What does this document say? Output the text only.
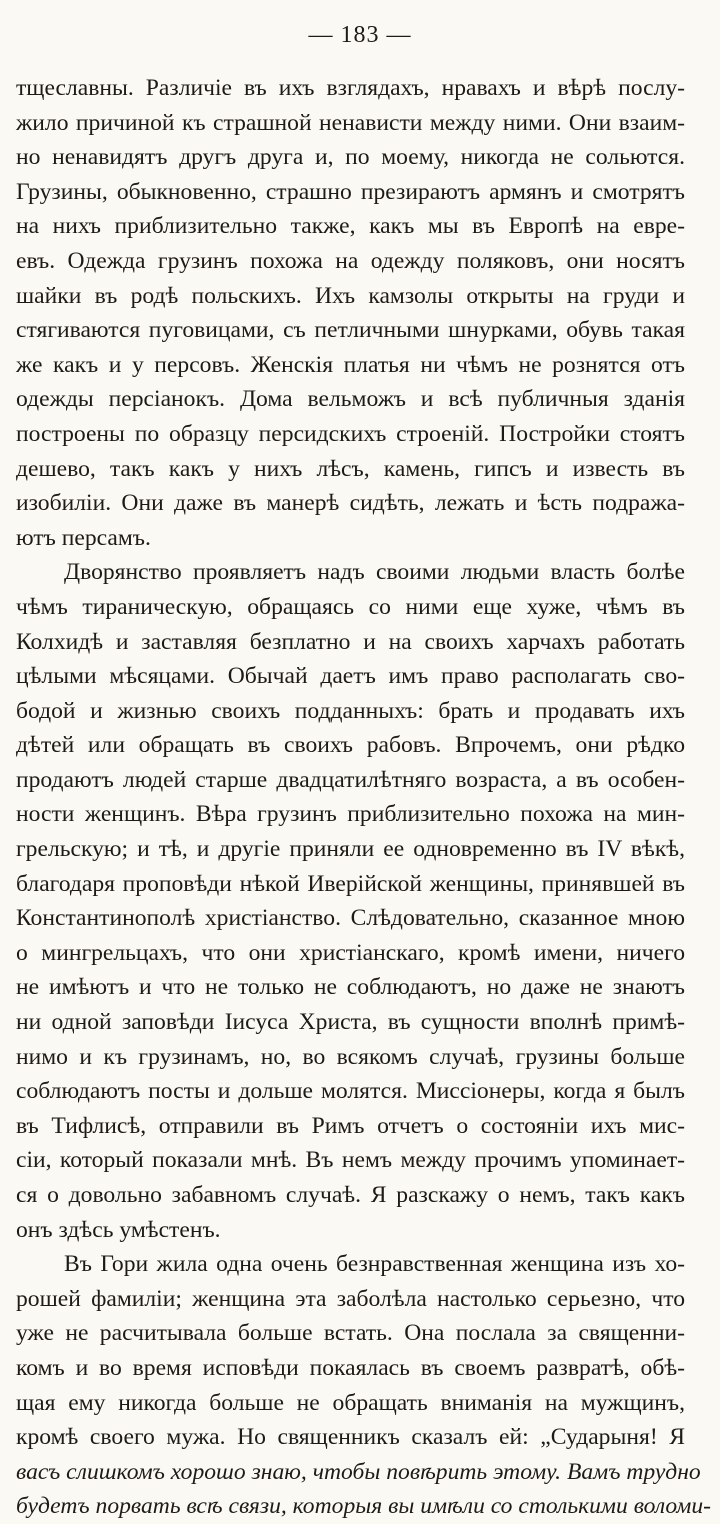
— 183 —
тщеславны. Различіе въ ихъ взглядахъ, нравахъ и вѣрѣ послу-
жило причиной къ страшной ненависти между ними. Они взаим-
но ненавидятъ другъ друга и, по моему, никогда не сольются.
Грузины, обыкновенно, страшно презираютъ армянъ и смотрятъ
на нихъ приблизительно также, какъ мы въ Европѣ на евре-
евъ. Одежда грузинъ похожа на одежду поляковъ, они носятъ
шайки въ родѣ польскихъ. Ихъ камзолы открыты на груди и
стягиваются пуговицами, съ петличными шнурками, обувь такая
же какъ и у персовъ. Женскія платья ни чѣмъ не рознятся отъ
одежды персіанокъ. Дома вельможъ и всѣ публичныя зданія
построены по образцу персидскихъ строеній. Постройки стоятъ
дешево, такъ какъ у нихъ лѣсъ, камень, гипсъ и известь въ
изобиліи. Они даже въ манерѣ сидѣть, лежать и ѣсть подража-
ютъ персамъ.
Дворянство проявляетъ надъ своими людьми власть болѣе
чѣмъ тираническую, обращаясь со ними еще хуже, чѣмъ въ
Колхидѣ и заставляя безплатно и на своихъ харчахъ работать
цѣлыми мѣсяцами. Обычай даетъ имъ право располагать сво-
бодой и жизнью своихъ подданныхъ: брать и продавать ихъ
дѣтей или обращать въ своихъ рабовъ. Впрочемъ, они рѣдко
продаютъ людей старше двадцатилѣтняго возраста, а въ особен-
ности женщинъ. Вѣра грузинъ приблизительно похожа на мин-
грельскую; и тѣ, и другіе приняли ее одновременно въ IV вѣкѣ,
благодаря проповѣди нѣкой Иверійской женщины, принявшей въ
Константинополѣ христіанство. Слѣдовательно, сказанное мною
о мингрельцахъ, что они христіанскаго, кромѣ имени, ничего
не имѣютъ и что не только не соблюдаютъ, но даже не знаютъ
ни одной заповѣди Іисуса Христа, въ сущности вполнѣ примѣ-
нимо и къ грузинамъ, но, во всякомъ случаѣ, грузины больше
соблюдаютъ посты и дольше молятся. Миссіонеры, когда я былъ
въ Тифлисѣ, отправили въ Римъ отчетъ о состояніи ихъ мис-
сіи, который показали мнѣ. Въ немъ между прочимъ упоминает-
ся о довольно забавномъ случаѣ. Я разскажу о немъ, такъ какъ
онъ здѣсь умѣстенъ.
Въ Гори жила одна очень безнравственная женщина изъ хо-
рошей фамиліи; женщина эта заболѣла настолько серьезно, что
уже не расчитывала больше встать. Она послала за священни-
комъ и во время исповѣди покаялась въ своемъ развратѣ, обѣ-
щая ему никогда больше не обращать вниманія на мужщинъ,
кромѣ своего мужа. Но священникъ сказалъ ей: „Сударыня! Я
васъ слишкомъ хорошо знаю, чтобы повѣрить этому. Вамъ трудно
будетъ порвать всѣ связи, которыя вы имѣли со столькими воломи-
